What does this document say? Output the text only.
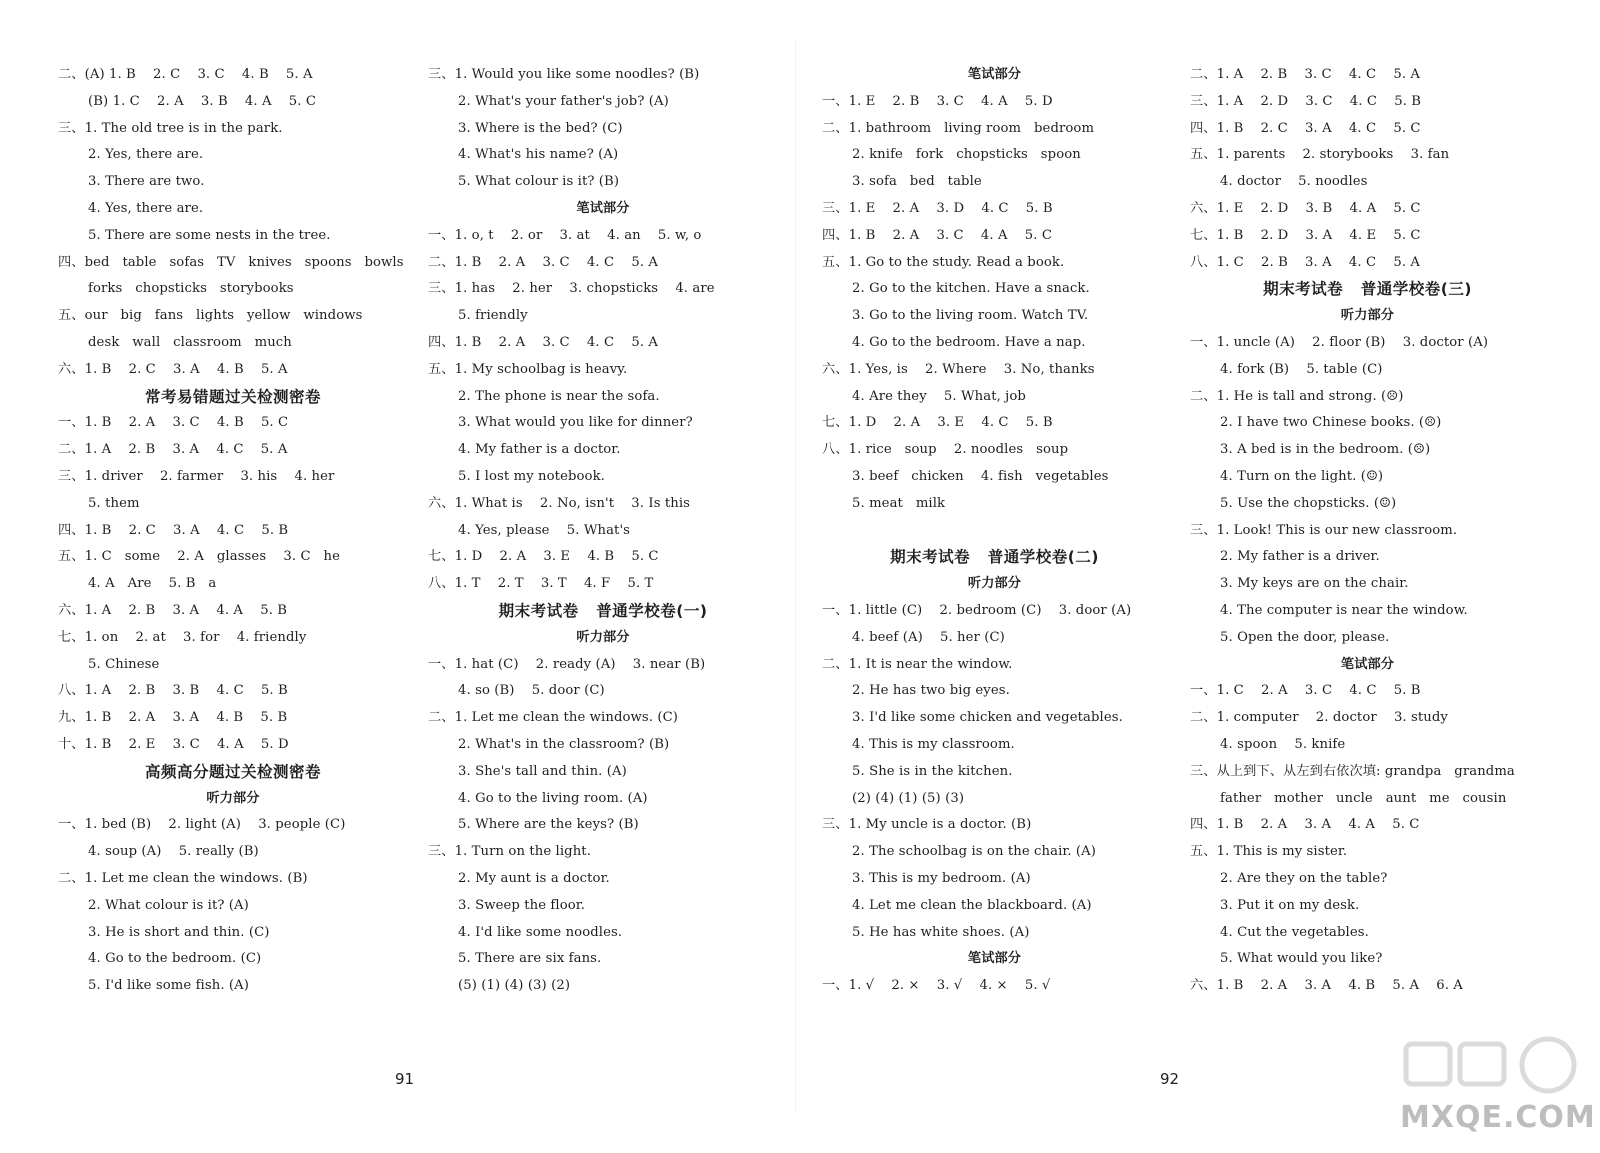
二、(A) 1. B    2. C    3. C    4. B    5. A
(B) 1. C    2. A    3. B    4. A    5. C
三、1. The old tree is in the park.
2. Yes, there are.
3. There are two.
4. Yes, there are.
5. There are some nests in the tree.
四、bed   table   sofas   TV   knives   spoons   bowls
forks   chopsticks   storybooks
五、our   big   fans   lights   yellow   windows
desk   wall   classroom   much
六、1. B    2. C    3. A    4. B    5. A
常考易错题过关检测密卷
一、1. B    2. A    3. C    4. B    5. C
二、1. A    2. B    3. A    4. C    5. A
三、1. driver    2. farmer    3. his    4. her
5. them
四、1. B    2. C    3. A    4. C    5. B
五、1. C   some    2. A   glasses    3. C   he
4. A   Are    5. B   a
六、1. A    2. B    3. A    4. A    5. B
七、1. on    2. at    3. for    4. friendly
5. Chinese
八、1. A    2. B    3. B    4. C    5. B
九、1. B    2. A    3. A    4. B    5. B
十、1. B    2. E    3. C    4. A    5. D
高频高分题过关检测密卷
听力部分
一、1. bed (B)    2. light (A)    3. people (C)
4. soup (A)    5. really (B)
二、1. Let me clean the windows. (B)
2. What colour is it? (A)
3. He is short and thin. (C)
4. Go to the bedroom. (C)
5. I'd like some fish. (A)
三、1. Would you like some noodles? (B)
2. What's your father's job? (A)
3. Where is the bed? (C)
4. What's his name? (A)
5. What colour is it? (B)
笔试部分
一、1. o, t    2. or    3. at    4. an    5. w, o
二、1. B    2. A    3. C    4. C    5. A
三、1. has    2. her    3. chopsticks    4. are
5. friendly
四、1. B    2. A    3. C    4. C    5. A
五、1. My schoolbag is heavy.
2. The phone is near the sofa.
3. What would you like for dinner?
4. My father is a doctor.
5. I lost my notebook.
六、1. What is    2. No, isn't    3. Is this
4. Yes, please    5. What's
七、1. D    2. A    3. E    4. B    5. C
八、1. T    2. T    3. T    4. F    5. T
期末考试卷   普通学校卷(一)
听力部分
一、1. hat (C)    2. ready (A)    3. near (B)
4. so (B)    5. door (C)
二、1. Let me clean the windows. (C)
2. What's in the classroom? (B)
3. She's tall and thin. (A)
4. Go to the living room. (A)
5. Where are the keys? (B)
三、1. Turn on the light.
2. My aunt is a doctor.
3. Sweep the floor.
4. I'd like some noodles.
5. There are six fans.
(5) (1) (4) (3) (2)
笔试部分
一、1. E    2. B    3. C    4. A    5. D
二、1. bathroom   living room   bedroom
2. knife   fork   chopsticks   spoon
3. sofa   bed   table
三、1. E    2. A    3. D    4. C    5. B
四、1. B    2. A    3. C    4. A    5. C
五、1. Go to the study. Read a book.
2. Go to the kitchen. Have a snack.
3. Go to the living room. Watch TV.
4. Go to the bedroom. Have a nap.
六、1. Yes, is    2. Where    3. No, thanks
4. Are they    5. What, job
七、1. D    2. A    3. E    4. C    5. B
八、1. rice   soup    2. noodles   soup
3. beef   chicken    4. fish   vegetables
5. meat   milk
期末考试卷   普通学校卷(二)
听力部分
一、1. little (C)    2. bedroom (C)    3. door (A)
4. beef (A)    5. her (C)
二、1. It is near the window.
2. He has two big eyes.
3. I'd like some chicken and vegetables.
4. This is my classroom.
5. She is in the kitchen.
(2) (4) (1) (5) (3)
三、1. My uncle is a doctor. (B)
2. The schoolbag is on the chair. (A)
3. This is my bedroom. (A)
4. Let me clean the blackboard. (A)
5. He has white shoes. (A)
笔试部分
一、1. √    2. ×    3. √    4. ×    5. √
二、1. A    2. B    3. C    4. C    5. A
三、1. A    2. D    3. C    4. C    5. B
四、1. B    2. C    3. A    4. C    5. C
五、1. parents    2. storybooks    3. fan
4. doctor    5. noodles
六、1. E    2. D    3. B    4. A    5. C
七、1. B    2. D    3. A    4. E    5. C
八、1. C    2. B    3. A    4. C    5. A
期末考试卷   普通学校卷(三)
听力部分
一、1. uncle (A)    2. floor (B)    3. doctor (A)
4. fork (B)    5. table (C)
二、1. He is tall and strong. (☹)
2. I have two Chinese books. (☹)
3. A bed is in the bedroom. (☹)
4. Turn on the light. (☺)
5. Use the chopsticks. (☺)
三、1. Look! This is our new classroom.
2. My father is a driver.
3. My keys are on the chair.
4. The computer is near the window.
5. Open the door, please.
笔试部分
一、1. C    2. A    3. C    4. C    5. B
二、1. computer    2. doctor    3. study
4. spoon    5. knife
三、从上到下、从左到右依次填: grandpa   grandma
father   mother   uncle   aunt   me   cousin
四、1. B    2. A    3. A    4. A    5. C
五、1. This is my sister.
2. Are they on the table?
3. Put it on my desk.
4. Cut the vegetables.
5. What would you like?
六、1. B    2. A    3. A    4. B    5. A    6. A
91	92
MXQE.COM
